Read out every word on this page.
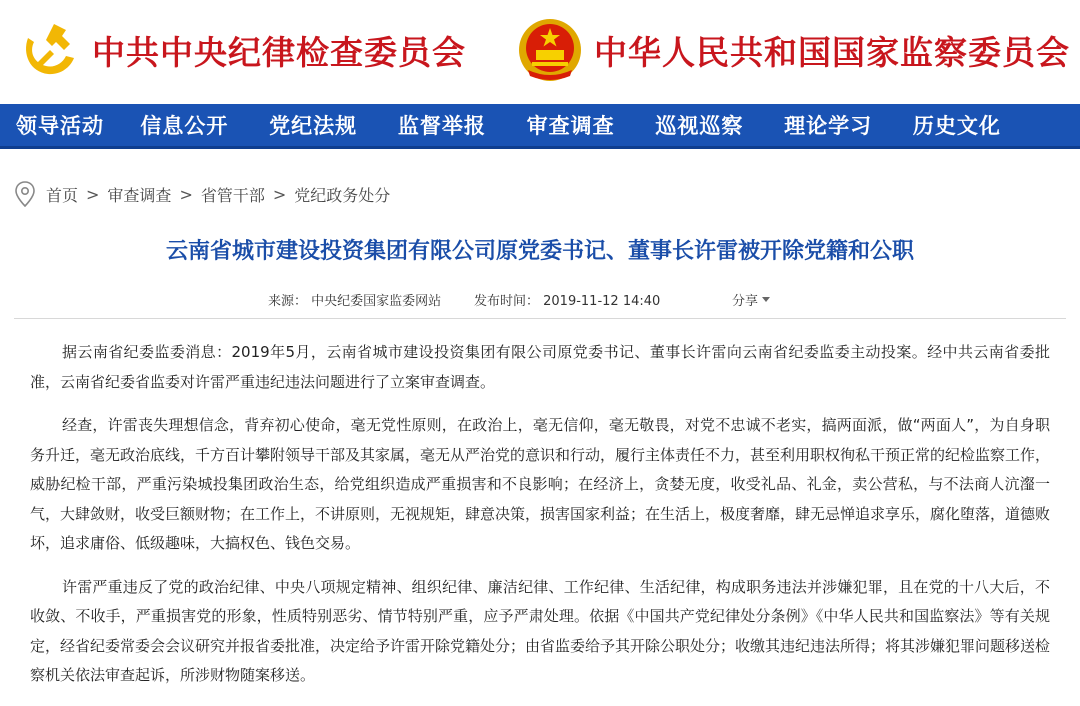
中共中央纪律检查委员会	中华人民共和国国家监察委员会
领导活动	信息公开	党纪法规	监督举报	审查调查	巡视巡察	理论学习	历史文化
首页 > 审查调查 > 省管干部 > 党纪政务处分
云南省城市建设投资集团有限公司原党委书记、董事长许雷被开除党籍和公职
来源： 中央纪委国家监委网站	发布时间： 2019-11-12 14:40	分享

据云南省纪委监委消息：2019年5月，云南省城市建设投资集团有限公司原党委书记、董事长许雷向云南省纪委监委主动投案。经中共云南省委批准，云南省纪委省监委对许雷严重违纪违法问题进行了立案审查调查。

经查，许雷丧失理想信念，背弃初心使命，毫无党性原则，在政治上，毫无信仰，毫无敬畏，对党不忠诚不老实，搞两面派，做“两面人”，为自身职务升迁，毫无政治底线，千方百计攀附领导干部及其家属，毫无从严治党的意识和行动，履行主体责任不力，甚至利用职权徇私干预正常的纪检监察工作，威胁纪检干部，严重污染城投集团政治生态，给党组织造成严重损害和不良影响；在经济上，贪婪无度，收受礼品、礼金，卖公营私，与不法商人沆瀣一气，大肆敛财，收受巨额财物；在工作上，不讲原则，无视规矩，肆意决策，损害国家利益；在生活上，极度奢靡，肆无忌惮追求享乐，腐化堕落，道德败坏，追求庸俗、低级趣味，大搞权色、钱色交易。

许雷严重违反了党的政治纪律、中央八项规定精神、组织纪律、廉洁纪律、工作纪律、生活纪律，构成职务违法并涉嫌犯罪，且在党的十八大后，不收敛、不收手，严重损害党的形象，性质特别恶劣、情节特别严重，应予严肃处理。依据《中国共产党纪律处分条例》《中华人民共和国监察法》等有关规定，经省纪委常委会会议研究并报省委批准，决定给予许雷开除党籍处分；由省监委给予其开除公职处分；收缴其违纪违法所得；将其涉嫌犯罪问题移送检察机关依法审查起诉，所涉财物随案移送。
